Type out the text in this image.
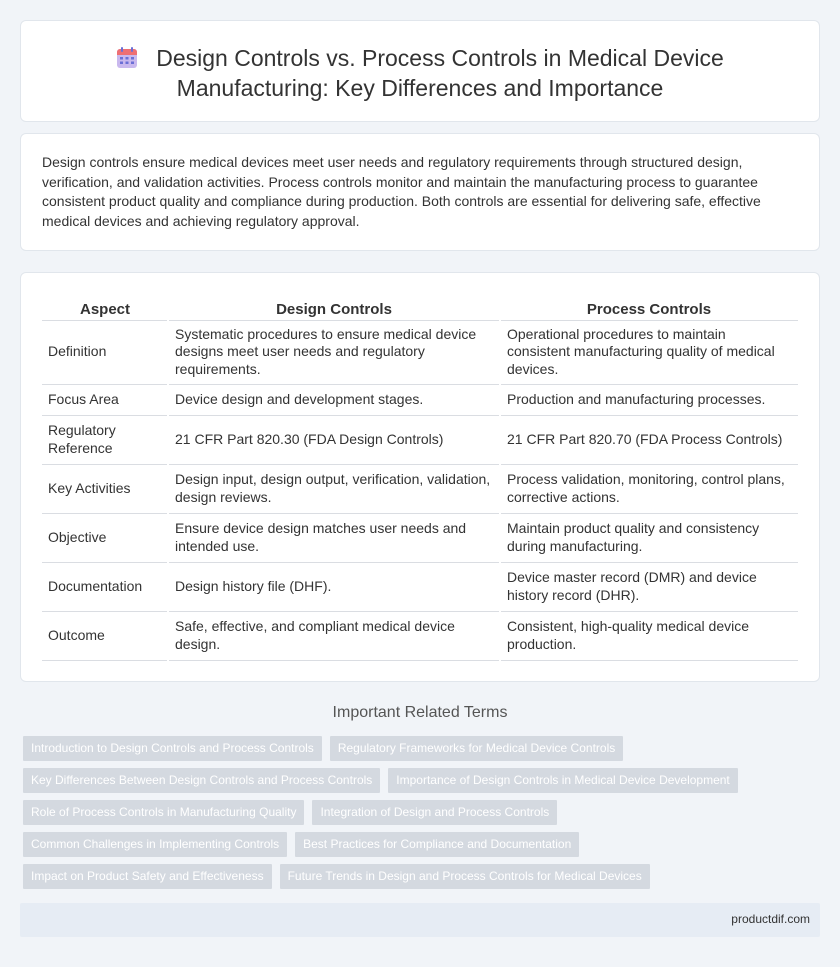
Design Controls vs. Process Controls in Medical Device
Manufacturing: Key Differences and Importance

Design controls ensure medical devices meet user needs and regulatory requirements through structured design, verification, and validation activities. Process controls monitor and maintain the manufacturing process to guarantee consistent product quality and compliance during production. Both controls are essential for delivering safe, effective medical devices and achieving regulatory approval.

Aspect	Design Controls	Process Controls
Definition	Systematic procedures to ensure medical device designs meet user needs and regulatory requirements.	Operational procedures to maintain consistent manufacturing quality of medical devices.
Focus Area	Device design and development stages.	Production and manufacturing processes.
Regulatory Reference	21 CFR Part 820.30 (FDA Design Controls)	21 CFR Part 820.70 (FDA Process Controls)
Key Activities	Design input, design output, verification, validation, design reviews.	Process validation, monitoring, control plans, corrective actions.
Objective	Ensure device design matches user needs and intended use.	Maintain product quality and consistency during manufacturing.
Documentation	Design history file (DHF).	Device master record (DMR) and device history record (DHR).
Outcome	Safe, effective, and compliant medical device design.	Consistent, high-quality medical device production.
Important Related Terms
Introduction to Design Controls and Process Controls Regulatory Frameworks for Medical Device Controls
Key Differences Between Design Controls and Process Controls Importance of Design Controls in Medical Device Development
Role of Process Controls in Manufacturing Quality Integration of Design and Process Controls
Common Challenges in Implementing Controls Best Practices for Compliance and Documentation
Impact on Product Safety and Effectiveness Future Trends in Design and Process Controls for Medical Devices
productdif.com
